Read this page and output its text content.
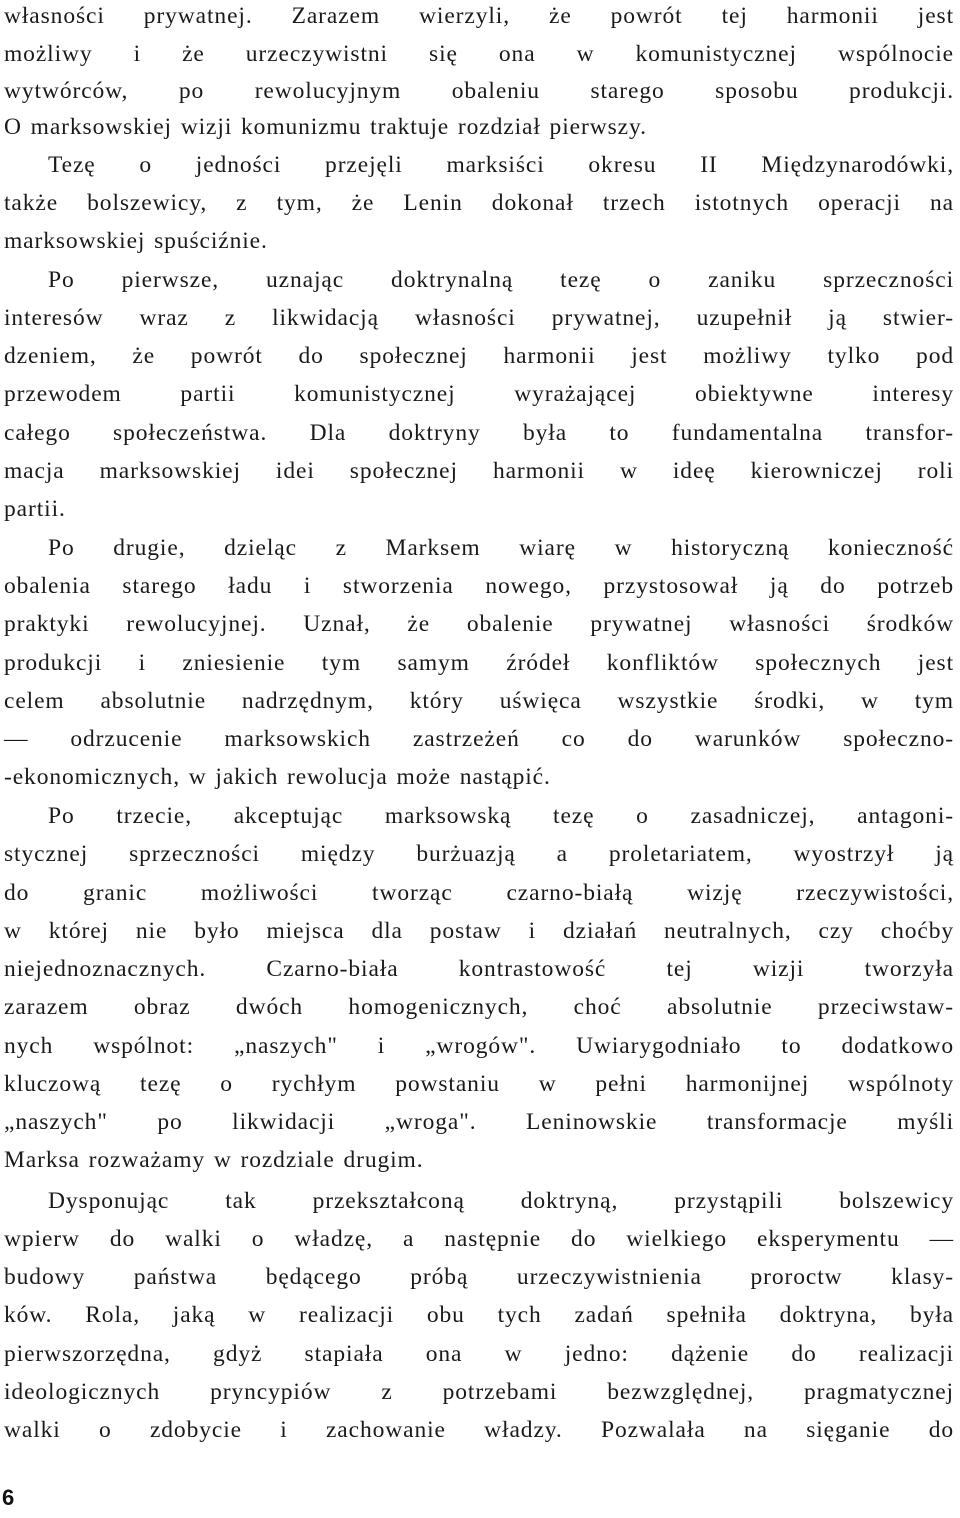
własności prywatnej. Zarazem wierzyli, że powrót tej harmonii jest
możliwy i że urzeczywistni się ona w komunistycznej wspólnocie
wytwórców, po rewolucyjnym obaleniu starego sposobu produkcji.
O marksowskiej wizji komunizmu traktuje rozdział pierwszy.
Tezę o jedności przejęli marksiści okresu II Międzynarodówki,
także bolszewicy, z tym, że Lenin dokonał trzech istotnych operacji na
marksowskiej spuściźnie.
Po pierwsze, uznając doktrynalną tezę o zaniku sprzeczności
interesów wraz z likwidacją własności prywatnej, uzupełnił ją stwier-
dzeniem, że powrót do społecznej harmonii jest możliwy tylko pod
przewodem partii komunistycznej wyrażającej obiektywne interesy
całego społeczeństwa. Dla doktryny była to fundamentalna transfor-
macja marksowskiej idei społecznej harmonii w ideę kierowniczej roli
partii.
Po drugie, dzieląc z Marksem wiarę w historyczną konieczność
obalenia starego ładu i stworzenia nowego, przystosował ją do potrzeb
praktyki rewolucyjnej. Uznał, że obalenie prywatnej własności środków
produkcji i zniesienie tym samym źródeł konfliktów społecznych jest
celem absolutnie nadrzędnym, który uświęca wszystkie środki, w tym
— odrzucenie marksowskich zastrzeżeń co do warunków społeczno-
-ekonomicznych, w jakich rewolucja może nastąpić.
Po trzecie, akceptując marksowską tezę o zasadniczej, antagoni-
stycznej sprzeczności między burżuazją a proletariatem, wyostrzył ją
do granic możliwości tworząc czarno-białą wizję rzeczywistości,
w której nie było miejsca dla postaw i działań neutralnych, czy choćby
niejednoznacznych. Czarno-biała kontrastowość tej wizji tworzyła
zarazem obraz dwóch homogenicznych, choć absolutnie przeciwstaw-
nych wspólnot: „naszych" i „wrogów". Uwiarygodniało to dodatkowo
kluczową tezę o rychłym powstaniu w pełni harmonijnej wspólnoty
„naszych" po likwidacji „wroga". Leninowskie transformacje myśli
Marksa rozważamy w rozdziale drugim.
Dysponując tak przekształconą doktryną, przystąpili bolszewicy
wpierw do walki o władzę, a następnie do wielkiego eksperymentu —
budowy państwa będącego próbą urzeczywistnienia proroctw klasy-
ków. Rola, jaką w realizacji obu tych zadań spełniła doktryna, była
pierwszorzędna, gdyż stapiała ona w jedno: dążenie do realizacji
ideologicznych pryncypiów z potrzebami bezwzględnej, pragmatycznej
walki o zdobycie i zachowanie władzy. Pozwalała na sięganie do
6
